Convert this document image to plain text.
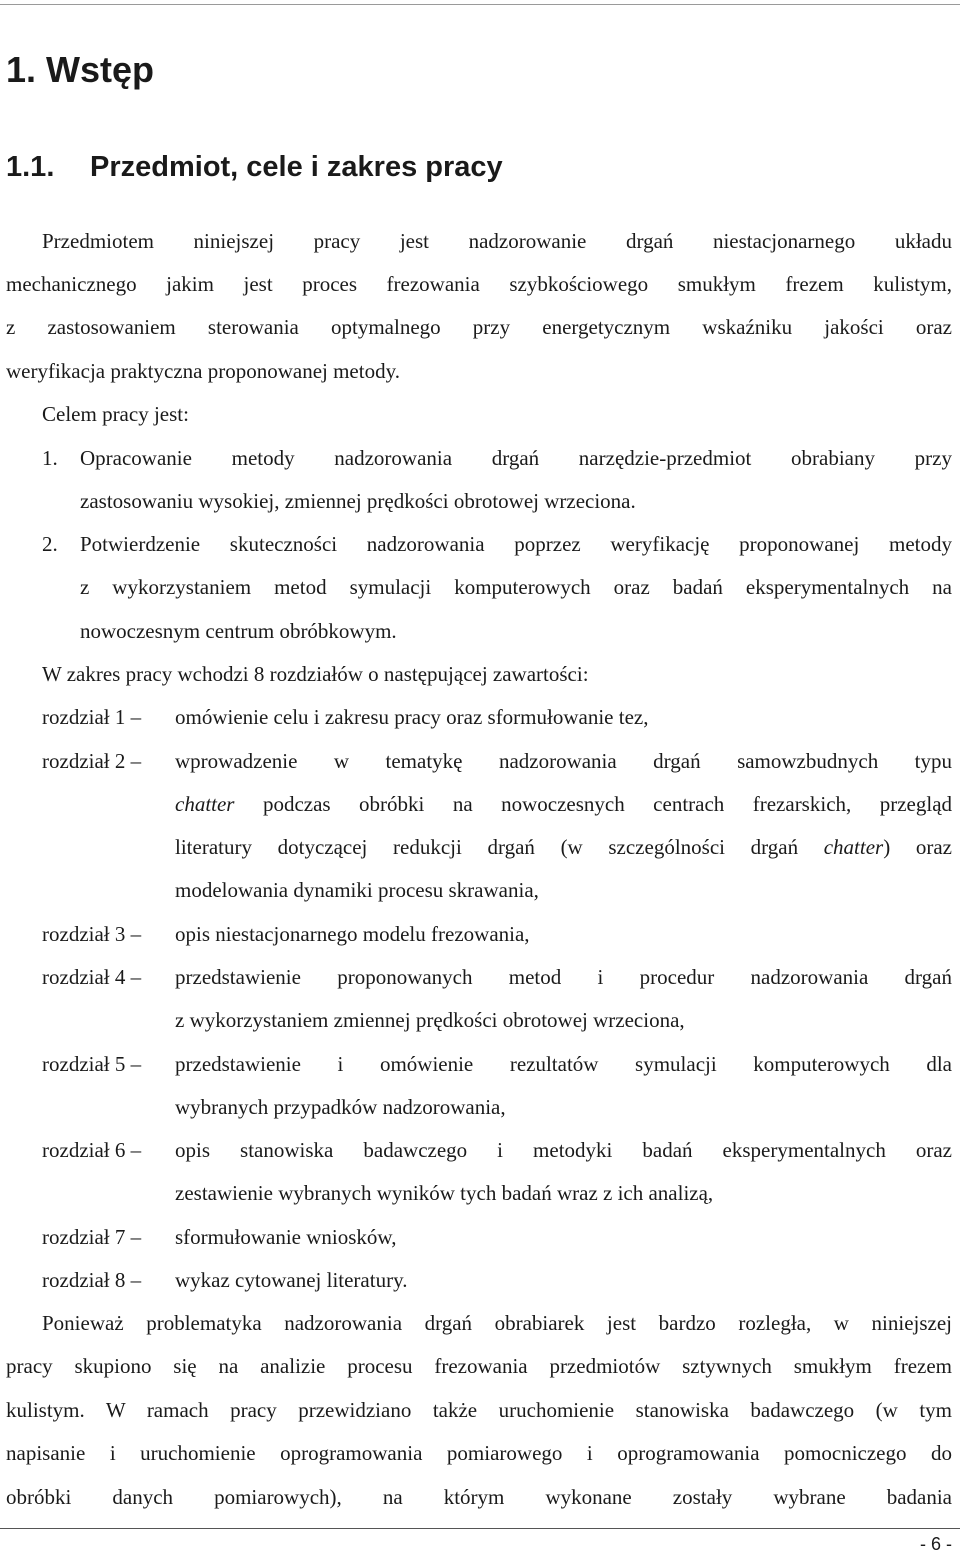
1. Wstęp
1.1. Przedmiot, cele i zakres pracy
Przedmiotem niniejszej pracy jest nadzorowanie drgań niestacjonarnego układu
mechanicznego jakim jest proces frezowania szybkościowego smukłym frezem kulistym,
z zastosowaniem sterowania optymalnego przy energetycznym wskaźniku jakości oraz
weryfikacja praktyczna proponowanej metody.
Celem pracy jest:
1. Opracowanie metody nadzorowania drgań narzędzie-przedmiot obrabiany przy
zastosowaniu wysokiej, zmiennej prędkości obrotowej wrzeciona.
2. Potwierdzenie skuteczności nadzorowania poprzez weryfikację proponowanej metody
z wykorzystaniem metod symulacji komputerowych oraz badań eksperymentalnych na
nowoczesnym centrum obróbkowym.
W zakres pracy wchodzi 8 rozdziałów o następującej zawartości:
rozdział 1 – omówienie celu i zakresu pracy oraz sformułowanie tez,
rozdział 2 – wprowadzenie w tematykę nadzorowania drgań samowzbudnych typu
chatter podczas obróbki na nowoczesnych centrach frezarskich, przegląd
literatury dotyczącej redukcji drgań (w szczególności drgań chatter) oraz
modelowania dynamiki procesu skrawania,
rozdział 3 – opis niestacjonarnego modelu frezowania,
rozdział 4 – przedstawienie proponowanych metod i procedur nadzorowania drgań
z wykorzystaniem zmiennej prędkości obrotowej wrzeciona,
rozdział 5 – przedstawienie i omówienie rezultatów symulacji komputerowych dla
wybranych przypadków nadzorowania,
rozdział 6 – opis stanowiska badawczego i metodyki badań eksperymentalnych oraz
zestawienie wybranych wyników tych badań wraz z ich analizą,
rozdział 7 – sformułowanie wniosków,
rozdział 8 – wykaz cytowanej literatury.
Ponieważ problematyka nadzorowania drgań obrabiarek jest bardzo rozległa, w niniejszej
pracy skupiono się na analizie procesu frezowania przedmiotów sztywnych smukłym frezem
kulistym. W ramach pracy przewidziano także uruchomienie stanowiska badawczego (w tym
napisanie i uruchomienie oprogramowania pomiarowego i oprogramowania pomocniczego do
obróbki danych pomiarowych), na którym wykonane zostały wybrane badania
- 6 -
